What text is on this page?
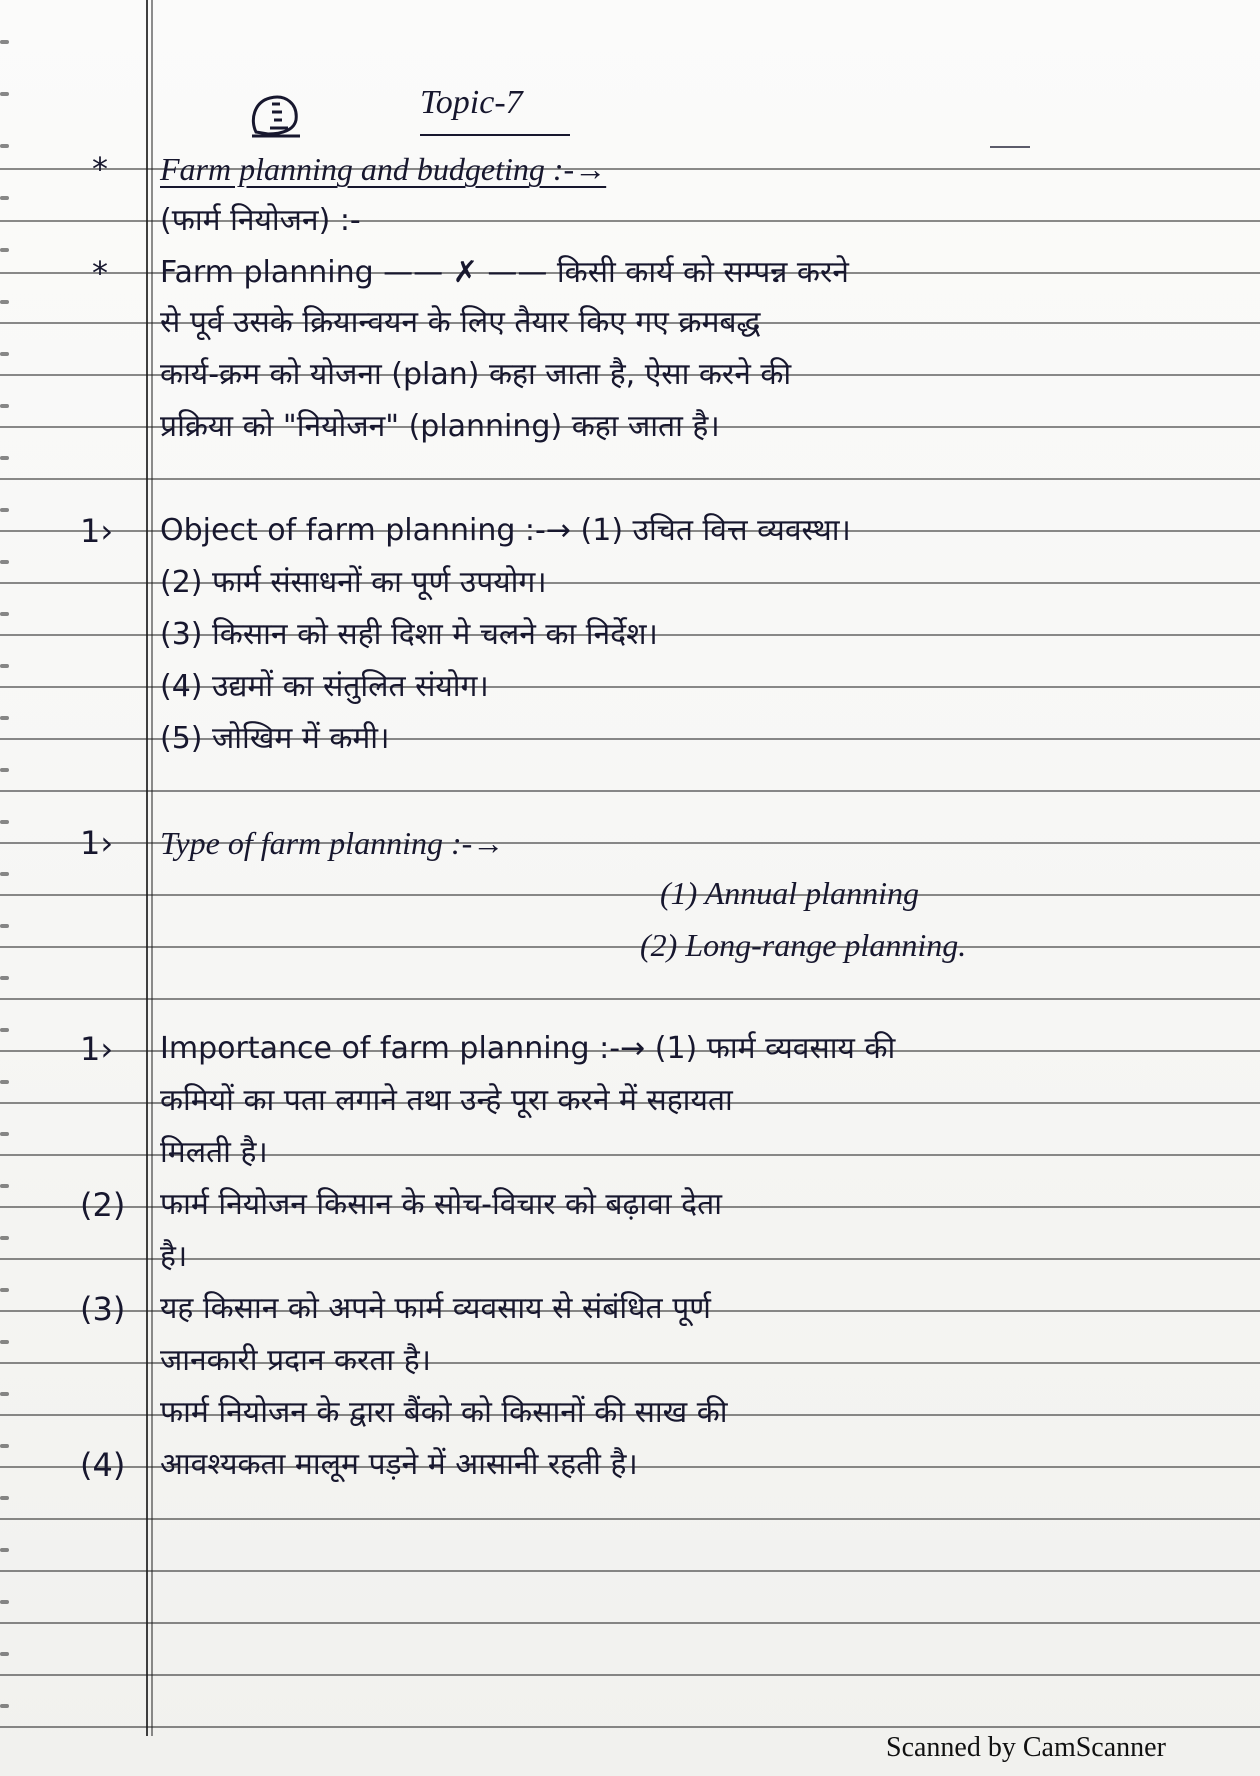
Topic-7
* Farm planning and budgeting :-→
(फार्म नियोजन) :-
* Farm planning —— ✗ —— किसी कार्य को सम्पन्न करने
से पूर्व उसके क्रियान्वयन के लिए तैयार किए गए क्रमबद्ध
कार्य-क्रम को योजना (plan) कहा जाता है, ऐसा करने की
प्रक्रिया को "नियोजन" (planning) कहा जाता है।
1› Object of farm planning :-→ (1) उचित वित्त व्यवस्था।
(2) फार्म संसाधनों का पूर्ण उपयोग।
(3) किसान को सही दिशा मे चलने का निर्देश।
(4) उद्यमों का संतुलित संयोग।
(5) जोखिम में कमी।
1› Type of farm planning :-→
(1) Annual planning
(2) Long-range planning.
1› Importance of farm planning :-→ (1) फार्म व्यवसाय की
कमियों का पता लगाने तथा उन्हे पूरा करने में सहायता
मिलती है।
(2) फार्म नियोजन किसान के सोच-विचार को बढ़ावा देता
है।
(3) यह किसान को अपने फार्म व्यवसाय से संबंधित पूर्ण
जानकारी प्रदान करता है।
फार्म नियोजन के द्वारा बैंको को किसानों की साख की
(4) आवश्यकता मालूम पड़ने में आसानी रहती है।
Scanned by CamScanner
